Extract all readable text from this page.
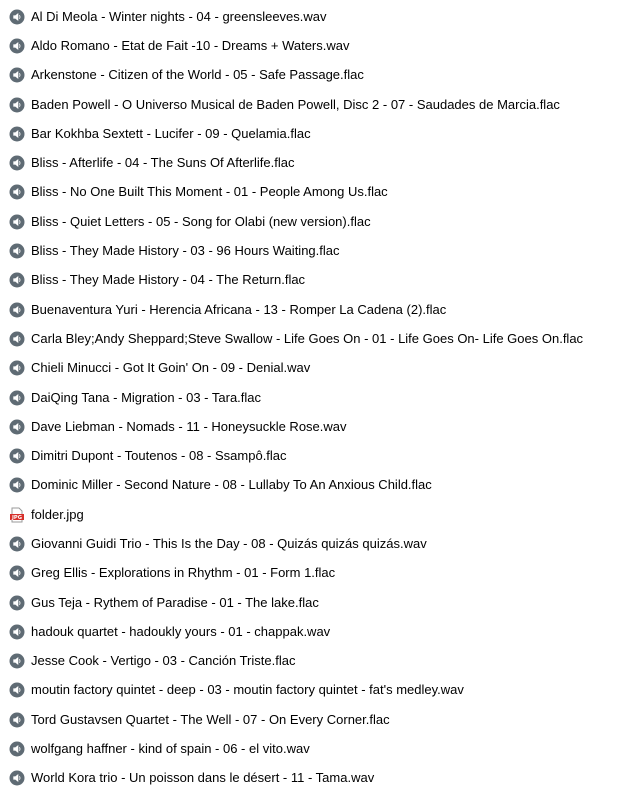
Al Di Meola - Winter nights - 04 - greensleeves.wav
Aldo Romano - Etat de Fait -10 - Dreams + Waters.wav
Arkenstone - Citizen of the World - 05 - Safe Passage.flac
Baden Powell - O Universo Musical de Baden Powell, Disc 2 - 07 - Saudades de Marcia.flac
Bar Kokhba Sextett - Lucifer - 09 - Quelamia.flac
Bliss - Afterlife - 04 - The Suns Of Afterlife.flac
Bliss - No One Built This Moment - 01 - People Among Us.flac
Bliss - Quiet Letters - 05 - Song for Olabi (new version).flac
Bliss - They Made History - 03 - 96 Hours Waiting.flac
Bliss - They Made History - 04 - The Return.flac
Buenaventura Yuri - Herencia Africana - 13 - Romper La Cadena (2).flac
Carla Bley;Andy Sheppard;Steve Swallow - Life Goes On - 01 - Life Goes On- Life Goes On.flac
Chieli Minucci - Got It Goin' On - 09 - Denial.wav
DaiQing Tana - Migration - 03 - Tara.flac
Dave Liebman - Nomads - 11 - Honeysuckle Rose.wav
Dimitri Dupont - Toutenos - 08 - Ssampô.flac
Dominic Miller - Second Nature - 08 - Lullaby To An Anxious Child.flac
JPG folder.jpg
Giovanni Guidi Trio - This Is the Day - 08 - Quizás quizás quizás.wav
Greg Ellis - Explorations in Rhythm - 01 - Form 1.flac
Gus Teja - Rythem of Paradise - 01 - The lake.flac
hadouk quartet - hadoukly yours - 01 - chappak.wav
Jesse Cook - Vertigo - 03 - Canción Triste.flac
moutin factory quintet - deep - 03 - moutin factory quintet - fat's medley.wav
Tord Gustavsen Quartet - The Well - 07 - On Every Corner.flac
wolfgang haffner - kind of spain - 06 - el vito.wav
World Kora trio - Un poisson dans le désert - 11 - Tama.wav
